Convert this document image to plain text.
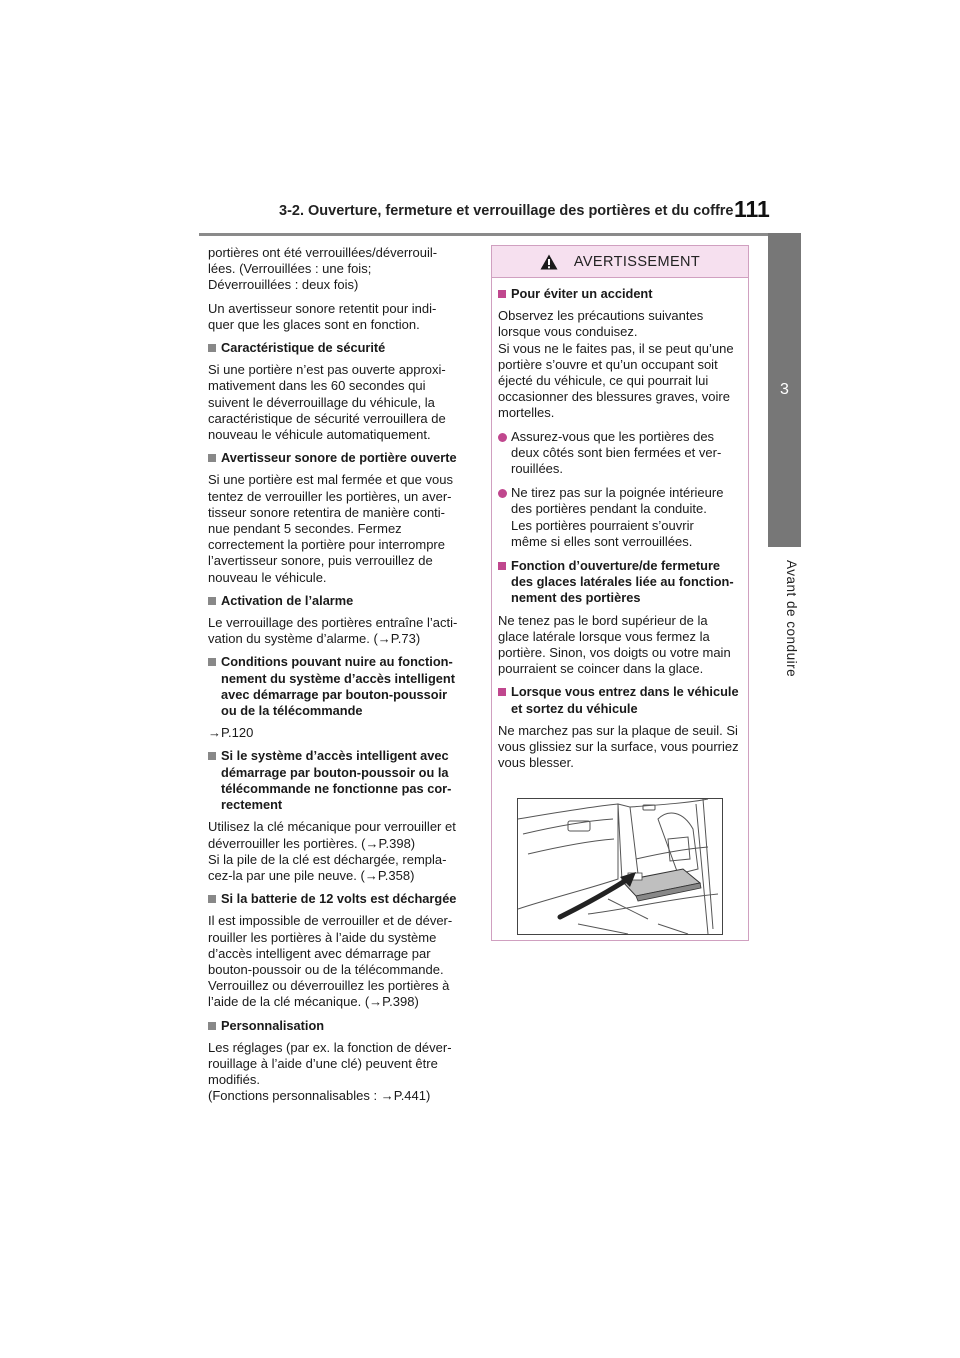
3-2. Ouverture, fermeture et verrouillage des portières et du coffre 111
3
Avant de conduire

portières ont été verrouillées/déverrouil-
lées. (Verrouillées : une fois;
Déverrouillées : deux fois)

Un avertisseur sonore retentit pour indi-
quer que les glaces sont en fonction.

Caractéristique de sécurité

Si une portière n’est pas ouverte approxi-
mativement dans les 60 secondes qui
suivent le déverrouillage du véhicule, la
caractéristique de sécurité verrouillera de
nouveau le véhicule automatiquement.

Avertisseur sonore de portière ouverte

Si une portière est mal fermée et que vous
tentez de verrouiller les portières, un aver-
tisseur sonore retentira de manière conti-
nue pendant 5 secondes. Fermez
correctement la portière pour interrompre
l’avertisseur sonore, puis verrouillez de
nouveau le véhicule.

Activation de l’alarme

Le verrouillage des portières entraîne l’acti-
vation du système d’alarme. (→P.73)

Conditions pouvant nuire au fonction-
nement du système d’accès intelligent
avec démarrage par bouton-poussoir
ou de la télécommande

→P.120

Si le système d’accès intelligent avec
démarrage par bouton-poussoir ou la
télécommande ne fonctionne pas cor-
rectement

Utilisez la clé mécanique pour verrouiller et
déverrouiller les portières. (→P.398)
Si la pile de la clé est déchargée, rempla-
cez-la par une pile neuve. (→P.358)

Si la batterie de 12 volts est déchargée

Il est impossible de verrouiller et de déver-
rouiller les portières à l’aide du système
d’accès intelligent avec démarrage par
bouton-poussoir ou de la télécommande.
Verrouillez ou déverrouillez les portières à
l’aide de la clé mécanique. (→P.398)

Personnalisation

Les réglages (par ex. la fonction de déver-
rouillage à l’aide d’une clé) peuvent être
modifiés.
(Fonctions personnalisables : →P.441)

AVERTISSEMENT
Pour éviter un accident

Observez les précautions suivantes
lorsque vous conduisez.
Si vous ne le faites pas, il se peut qu’une
portière s’ouvre et qu’un occupant soit
éjecté du véhicule, ce qui pourrait lui
occasionner des blessures graves, voire
mortelles.

Assurez-vous que les portières des
deux côtés sont bien fermées et ver-
rouillées.
Ne tirez pas sur la poignée intérieure
des portières pendant la conduite.
Les portières pourraient s’ouvrir
même si elles sont verrouillées.
Fonction d’ouverture/de fermeture
des glaces latérales liée au fonction-
nement des portières

Ne tenez pas le bord supérieur de la
glace latérale lorsque vous fermez la
portière. Sinon, vos doigts ou votre main
pourraient se coincer dans la glace.

Lorsque vous entrez dans le véhicule
et sortez du véhicule

Ne marchez pas sur la plaque de seuil. Si
vous glissiez sur la surface, vous pourriez
vous blesser.
